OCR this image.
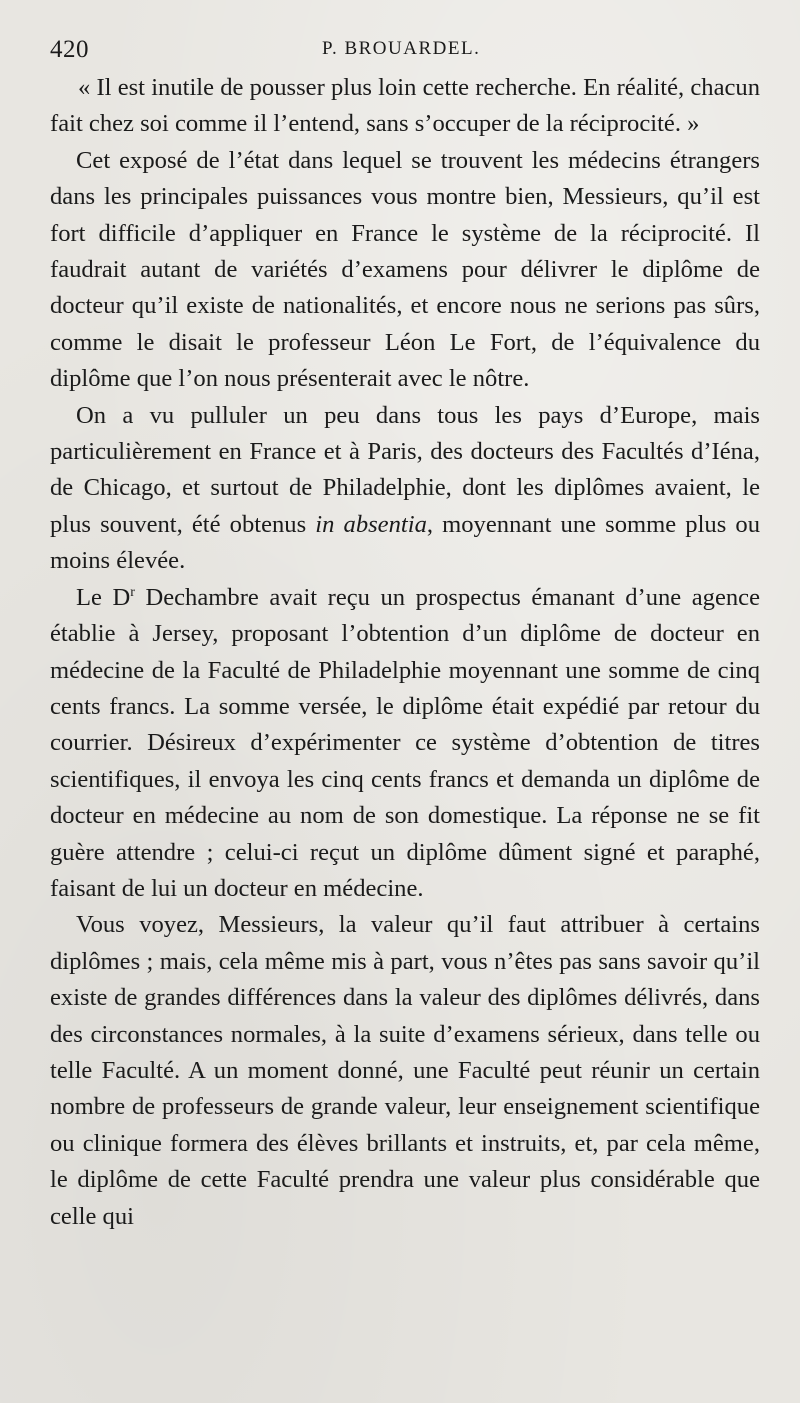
420	P. BROUARDEL.

« Il est inutile de pousser plus loin cette recherche. En réalité, chacun fait chez soi comme il l’entend, sans s’occuper de la réciprocité. »

Cet exposé de l’état dans lequel se trouvent les médecins étrangers dans les principales puissances vous montre bien, Messieurs, qu’il est fort difficile d’appliquer en France le système de la réciprocité. Il faudrait autant de variétés d’examens pour délivrer le diplôme de docteur qu’il existe de nationalités, et encore nous ne serions pas sûrs, comme le disait le professeur Léon Le Fort, de l’équivalence du diplôme que l’on nous présenterait avec le nôtre.

On a vu pulluler un peu dans tous les pays d’Europe, mais particulièrement en France et à Paris, des docteurs des Facultés d’Iéna, de Chicago, et surtout de Philadelphie, dont les diplômes avaient, le plus souvent, été obtenus in absentia, moyennant une somme plus ou moins élevée.

Le $D^r$ Dechambre avait reçu un prospectus émanant d’une agence établie à Jersey, proposant l’obtention d’un diplôme de docteur en médecine de la Faculté de Philadelphie moyennant une somme de cinq cents francs. La somme versée, le diplôme était expédié par retour du courrier. Désireux d’expérimenter ce système d’obtention de titres scientifiques, il envoya les cinq cents francs et demanda un diplôme de docteur en médecine au nom de son domestique. La réponse ne se fit guère attendre ; celui-ci reçut un diplôme dûment signé et paraphé, faisant de lui un docteur en médecine.

Vous voyez, Messieurs, la valeur qu’il faut attribuer à certains diplômes ; mais, cela même mis à part, vous n’êtes pas sans savoir qu’il existe de grandes différences dans la valeur des diplômes délivrés, dans des circonstances normales, à la suite d’examens sérieux, dans telle ou telle Faculté. A un moment donné, une Faculté peut réunir un certain nombre de professeurs de grande valeur, leur enseignement scientifique ou clinique formera des élèves brillants et instruits, et, par cela même, le diplôme de cette Faculté prendra une valeur plus considérable que celle qui
